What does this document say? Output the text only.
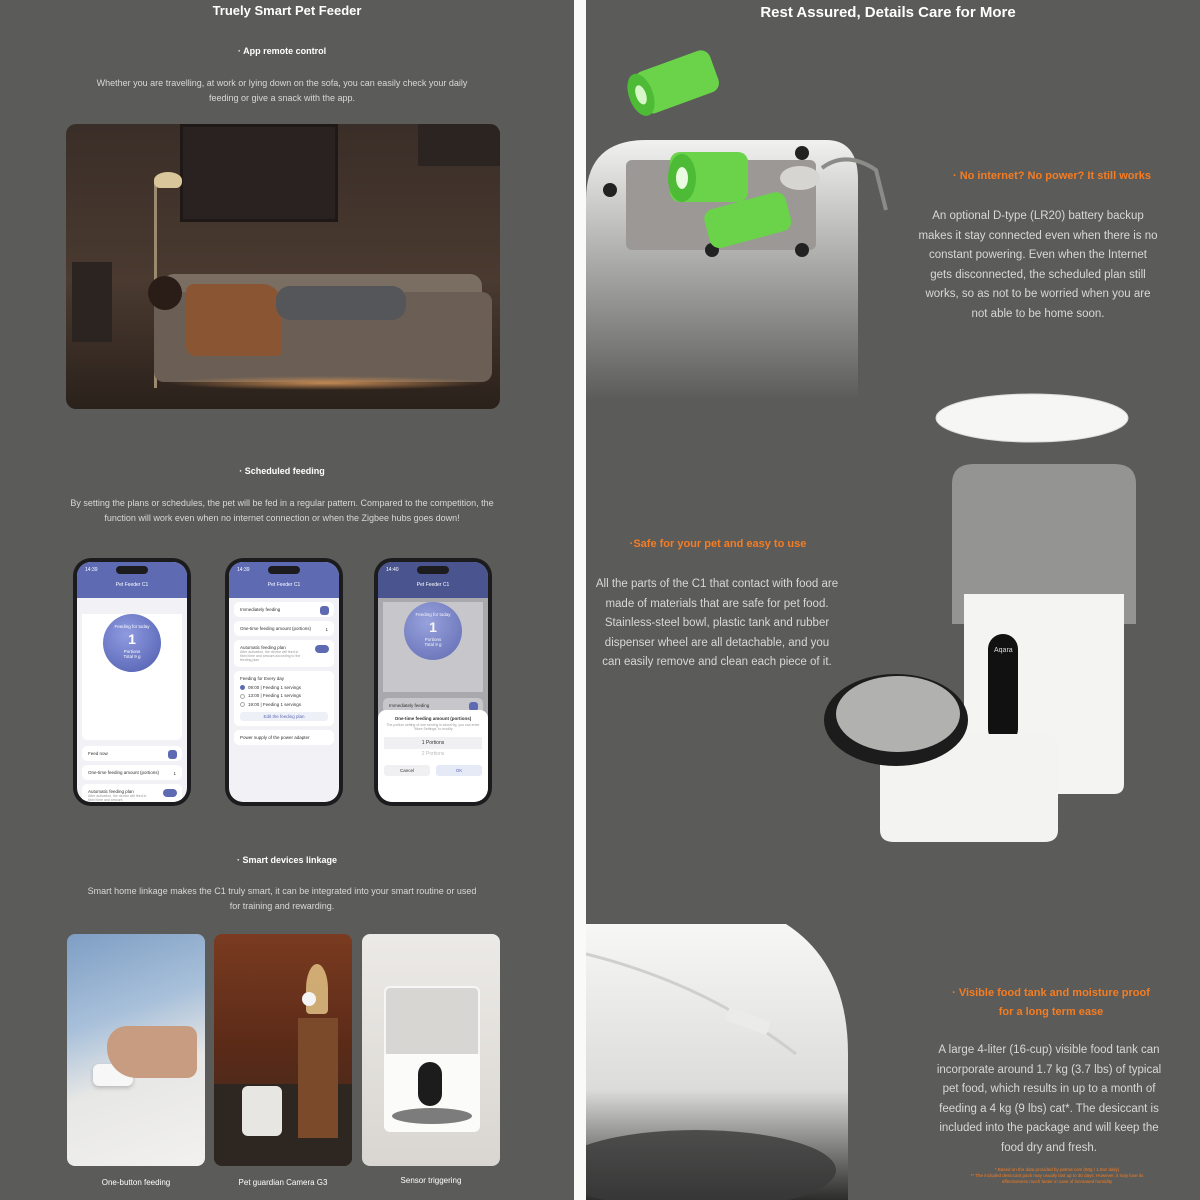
Truely Smart Pet Feeder
· App remote control
Whether you are travelling, at work or lying down on the sofa, you can easily check your daily feeding or give a snack with the app.
· Scheduled feeding
By setting the plans or schedules, the pet will be fed in a regular pattern. Compared to the competition, the function will work even when no internet connection or when the Zigbee hubs goes down!
14:39
Pet Feeder C1
Feeding for today
1
Portions
Total 9 g
Feed now
One-time feeding amount (portions)	1
Automatic feeding plan
After activation, the device will feed in fixed time and amount
14:39
Pet Feeder C1
Immediately feeding
One-time feeding amount (portions)	1
Automatic feeding plan
After activation, the device will feed in fixed time and amount according to the feeding plan
Feeding for Every day
09:00 | Feeding 1 servings
13:00 | Feeding 1 servings
19:00 | Feeding 1 servings
Edit the feeding plan
Power supply of the power adapter
14:40
Pet Feeder C1
Feeding for today
1
Portions
Total 9 g
Immediately feeding
One-time feeding amount (portions)
The portion setting of one serving is about 9g, you can enter "More Settings" to modify
1 Portions
2 Portions
Cancel	OK
· Smart devices linkage
Smart home linkage makes the C1 truly smart, it can be integrated into your smart routine or used for training and rewarding.
One-button feeding	Pet guardian Camera G3	Sensor triggering
Rest Assured, Details Care for More
· No internet? No power? It still works
An optional D-type (LR20) battery backup makes it stay connected even when there is no constant powering. Even when the Internet gets disconnected, the scheduled plan still works, so as not to be worried when you are not able to be home soon.
Aqara
·Safe for your pet and easy to use
All the parts of the C1 that contact with food are made of materials that are safe for pet food. Stainless-steel bowl, plastic tank and rubber dispenser wheel are all detachable, and you can easily remove and clean each piece of it.
· Visible food tank and moisture proof
for a long term ease
A large 4-liter (16-cup) visible food tank can incorporate around 1.7 kg (3.7 lbs) of typical pet food, which results in up to a month of feeding a 4 kg (9 lbs) cat*. The desiccant is included into the package and will keep the food dry and fresh.
* Based on the data provided by petmd.com (50g / 1.8oz daily)
** The included desiccant pack may usually last up to 30 days. However, it may lose its effectiveness much faster in case of increased humidity
